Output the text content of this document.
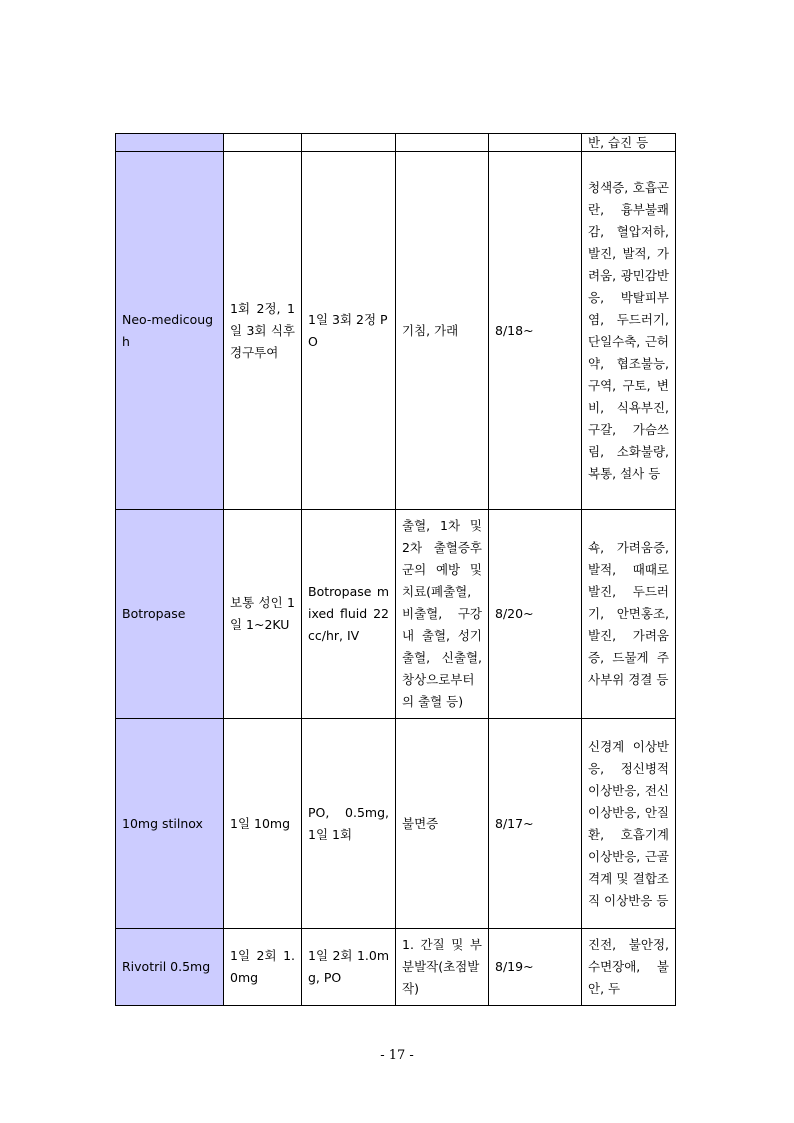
					반, 습진 등
Neo-medicough	1회 2정, 1일 3회 식후 경구투여	1일 3회 2정 PO	기침, 가래	8/18~	청색증, 호흡곤란, 흉부불쾌감, 혈압저하, 발진, 발적, 가려움, 광민감반응, 박탈피부염, 두드러기, 단일수축, 근허약, 협조불능, 구역, 구토, 변비, 식욕부진, 구갈, 가슴쓰림, 소화불량, 복통, 설사 등
Botropase	보통 성인 1일 1~2KU	Botropase mixed fluid 22cc/hr, IV	출혈, 1차 및 2차 출혈증후군의 예방 및 치료(폐출혈, 비출혈, 구강내 출혈, 성기출혈, 신출혈, 창상으로부터의 출혈 등)	8/20~	쇽, 가려움증, 발적, 때때로 발진, 두드러기, 안면홍조, 발진, 가려움증, 드물게 주사부위 경결 등
10mg stilnox	1일 10mg	PO, 0.5mg, 1일 1회	불면증	8/17~	신경계 이상반응, 정신병적 이상반응, 전신 이상반응, 안질환, 호흡기계 이상반응, 근골격계 및 결합조직 이상반응 등
Rivotril 0.5mg	1일 2회 1.0mg	1일 2회 1.0mg, PO	1. 간질 및 부분발작(초점발작)	8/19~	진전, 불안정, 수면장애, 불안, 두
- 17 -
